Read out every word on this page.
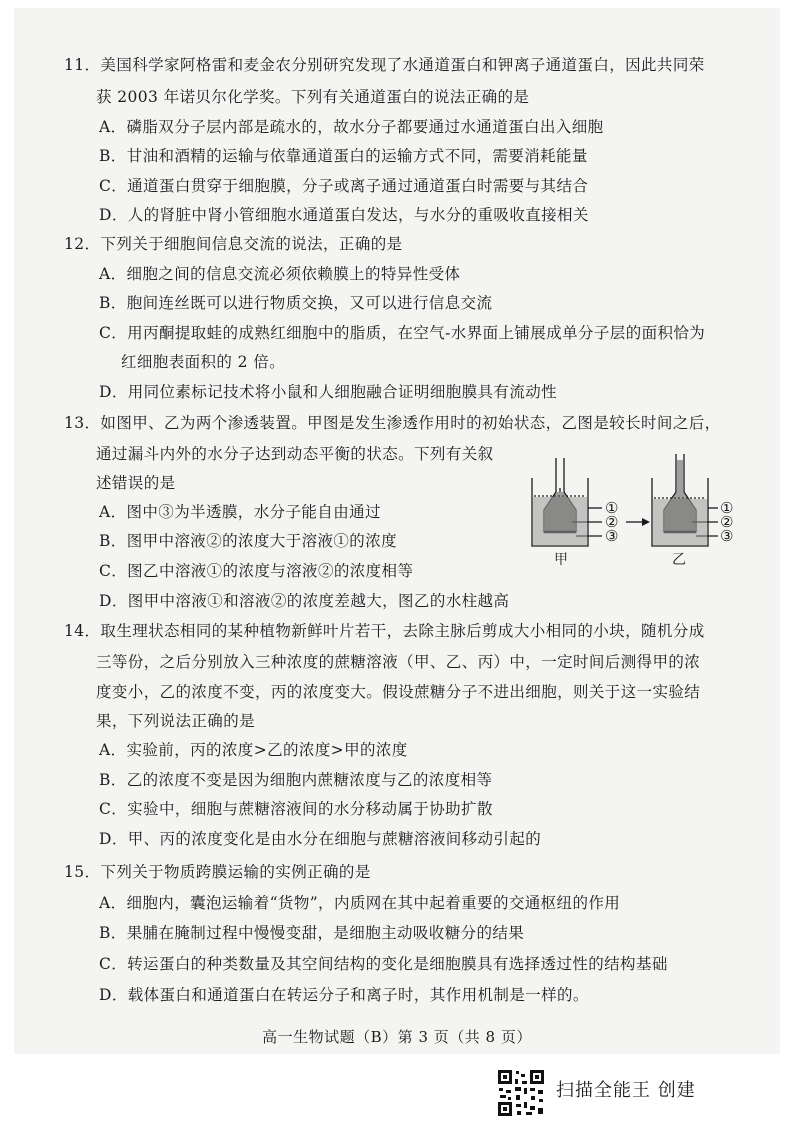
11．美国科学家阿格雷和麦金农分别研究发现了水通道蛋白和钾离子通道蛋白，因此共同荣
获 2003 年诺贝尔化学奖。下列有关通道蛋白的说法正确的是
A．磷脂双分子层内部是疏水的，故水分子都要通过水通道蛋白出入细胞
B．甘油和酒精的运输与依靠通道蛋白的运输方式不同，需要消耗能量
C．通道蛋白贯穿于细胞膜，分子或离子通过通道蛋白时需要与其结合
D．人的肾脏中肾小管细胞水通道蛋白发达，与水分的重吸收直接相关
12．下列关于细胞间信息交流的说法，正确的是
A．细胞之间的信息交流必须依赖膜上的特异性受体
B．胞间连丝既可以进行物质交换，又可以进行信息交流
C．用丙酮提取蛙的成熟红细胞中的脂质，在空气-水界面上铺展成单分子层的面积恰为
红细胞表面积的 2 倍。
D．用同位素标记技术将小鼠和人细胞融合证明细胞膜具有流动性
13．如图甲、乙为两个渗透装置。甲图是发生渗透作用时的初始状态，乙图是较长时间之后，
通过漏斗内外的水分子达到动态平衡的状态。下列有关叙
述错误的是
A．图中③为半透膜，水分子能自由通过
B．图甲中溶液②的浓度大于溶液①的浓度
C．图乙中溶液①的浓度与溶液②的浓度相等
D．图甲中溶液①和溶液②的浓度差越大，图乙的水柱越高
①
②
③
①
②
③
甲	乙
14．取生理状态相同的某种植物新鲜叶片若干，去除主脉后剪成大小相同的小块，随机分成
三等份，之后分别放入三种浓度的蔗糖溶液（甲、乙、丙）中，一定时间后测得甲的浓
度变小，乙的浓度不变，丙的浓度变大。假设蔗糖分子不进出细胞，则关于这一实验结
果，下列说法正确的是
A．实验前，丙的浓度>乙的浓度>甲的浓度
B．乙的浓度不变是因为细胞内蔗糖浓度与乙的浓度相等
C．实验中，细胞与蔗糖溶液间的水分移动属于协助扩散
D．甲、丙的浓度变化是由水分在细胞与蔗糖溶液间移动引起的
15．下列关于物质跨膜运输的实例正确的是
A．细胞内，囊泡运输着“货物”，内质网在其中起着重要的交通枢纽的作用
B．果脯在腌制过程中慢慢变甜，是细胞主动吸收糖分的结果
C．转运蛋白的种类数量及其空间结构的变化是细胞膜具有选择透过性的结构基础
D．载体蛋白和通道蛋白在转运分子和离子时，其作用机制是一样的。
高一生物试题（B）第 3 页（共 8 页）
扫描全能王 创建
